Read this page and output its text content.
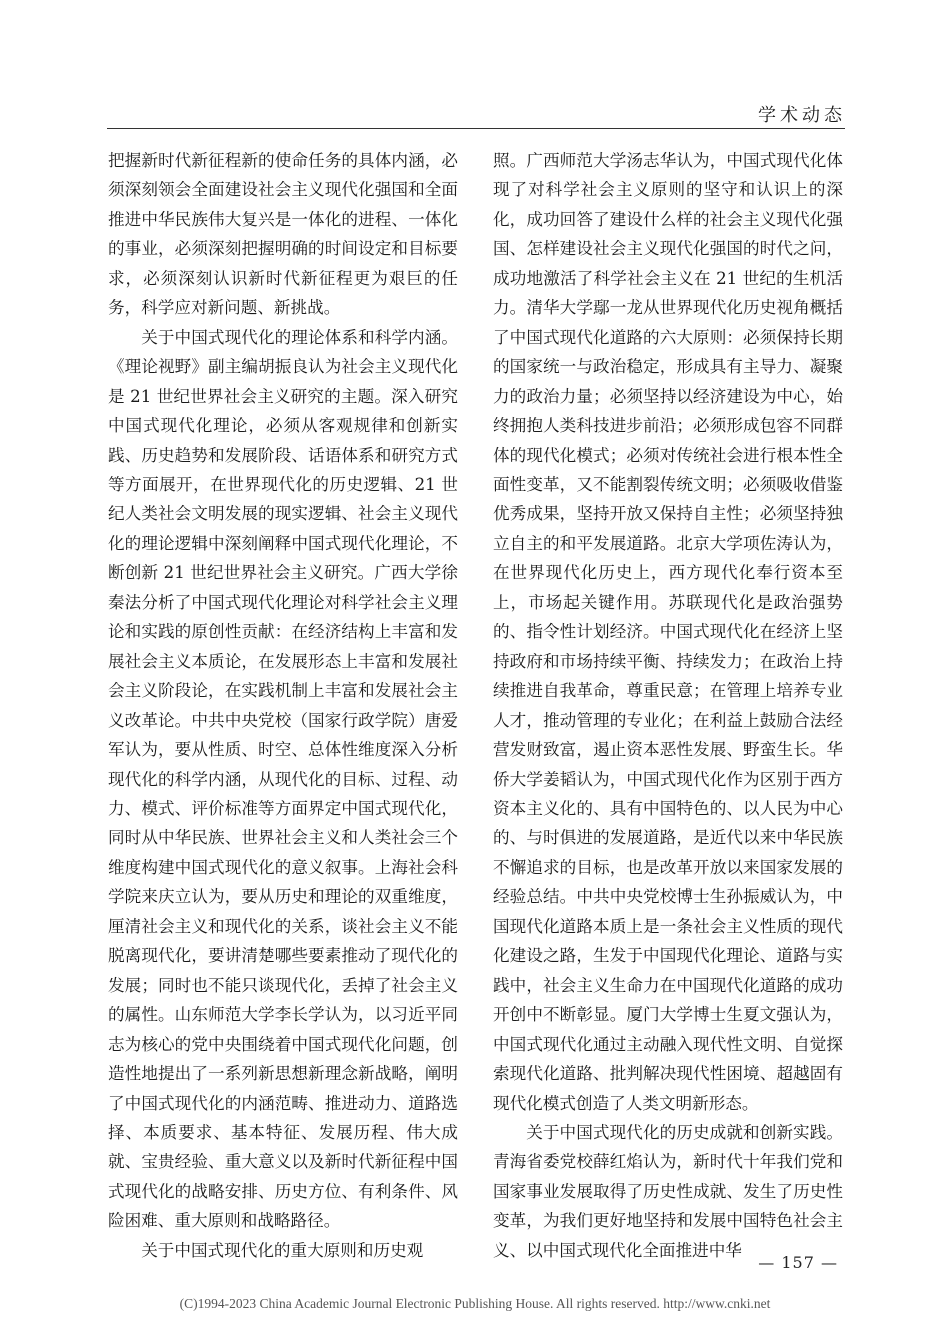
学术动态

把握新时代新征程新的使命任务的具体内涵，必须深刻领会全面建设社会主义现代化强国和全面推进中华民族伟大复兴是一体化的进程、一体化的事业，必须深刻把握明确的时间设定和目标要求，必须深刻认识新时代新征程更为艰巨的任务，科学应对新问题、新挑战。

关于中国式现代化的理论体系和科学内涵。《理论视野》副主编胡振良认为社会主义现代化是 21 世纪世界社会主义研究的主题。深入研究中国式现代化理论，必须从客观规律和创新实践、历史趋势和发展阶段、话语体系和研究方式等方面展开，在世界现代化的历史逻辑、21 世纪人类社会文明发展的现实逻辑、社会主义现代化的理论逻辑中深刻阐释中国式现代化理论，不断创新 21 世纪世界社会主义研究。广西大学徐秦法分析了中国式现代化理论对科学社会主义理论和实践的原创性贡献：在经济结构上丰富和发展社会主义本质论，在发展形态上丰富和发展社会主义阶段论，在实践机制上丰富和发展社会主义改革论。中共中央党校（国家行政学院）唐爱军认为，要从性质、时空、总体性维度深入分析现代化的科学内涵，从现代化的目标、过程、动力、模式、评价标准等方面界定中国式现代化，同时从中华民族、世界社会主义和人类社会三个维度构建中国式现代化的意义叙事。上海社会科学院来庆立认为，要从历史和理论的双重维度，厘清社会主义和现代化的关系，谈社会主义不能脱离现代化，要讲清楚哪些要素推动了现代化的发展；同时也不能只谈现代化，丢掉了社会主义的属性。山东师范大学李长学认为，以习近平同志为核心的党中央围绕着中国式现代化问题，创造性地提出了一系列新思想新理念新战略，阐明了中国式现代化的内涵范畴、推进动力、道路选择、本质要求、基本特征、发展历程、伟大成就、宝贵经验、重大意义以及新时代新征程中国式现代化的战略安排、历史方位、有利条件、风险困难、重大原则和战略路径。

关于中国式现代化的重大原则和历史观

照。广西师范大学汤志华认为，中国式现代化体现了对科学社会主义原则的坚守和认识上的深化，成功回答了建设什么样的社会主义现代化强国、怎样建设社会主义现代化强国的时代之问，成功地激活了科学社会主义在 21 世纪的生机活力。清华大学鄢一龙从世界现代化历史视角概括了中国式现代化道路的六大原则：必须保持长期的国家统一与政治稳定，形成具有主导力、凝聚力的政治力量；必须坚持以经济建设为中心，始终拥抱人类科技进步前沿；必须形成包容不同群体的现代化模式；必须对传统社会进行根本性全面性变革，又不能割裂传统文明；必须吸收借鉴优秀成果，坚持开放又保持自主性；必须坚持独立自主的和平发展道路。北京大学项佐涛认为，在世界现代化历史上，西方现代化奉行资本至上，市场起关键作用。苏联现代化是政治强势的、指令性计划经济。中国式现代化在经济上坚持政府和市场持续平衡、持续发力；在政治上持续推进自我革命，尊重民意；在管理上培养专业人才，推动管理的专业化；在利益上鼓励合法经营发财致富，遏止资本恶性发展、野蛮生长。华侨大学姜韬认为，中国式现代化作为区别于西方资本主义化的、具有中国特色的、以人民为中心的、与时俱进的发展道路，是近代以来中华民族不懈追求的目标，也是改革开放以来国家发展的经验总结。中共中央党校博士生孙振威认为，中国现代化道路本质上是一条社会主义性质的现代化建设之路，生发于中国现代化理论、道路与实践中，社会主义生命力在中国现代化道路的成功开创中不断彰显。厦门大学博士生夏文强认为，中国式现代化通过主动融入现代性文明、自觉探索现代化道路、批判解决现代性困境、超越固有现代化模式创造了人类文明新形态。

关于中国式现代化的历史成就和创新实践。青海省委党校薛红焰认为，新时代十年我们党和国家事业发展取得了历史性成就、发生了历史性变革，为我们更好地坚持和发展中国特色社会主义、以中国式现代化全面推进中华

— 157 —
(C)1994-2023 China Academic Journal Electronic Publishing House. All rights reserved. http://www.cnki.net
